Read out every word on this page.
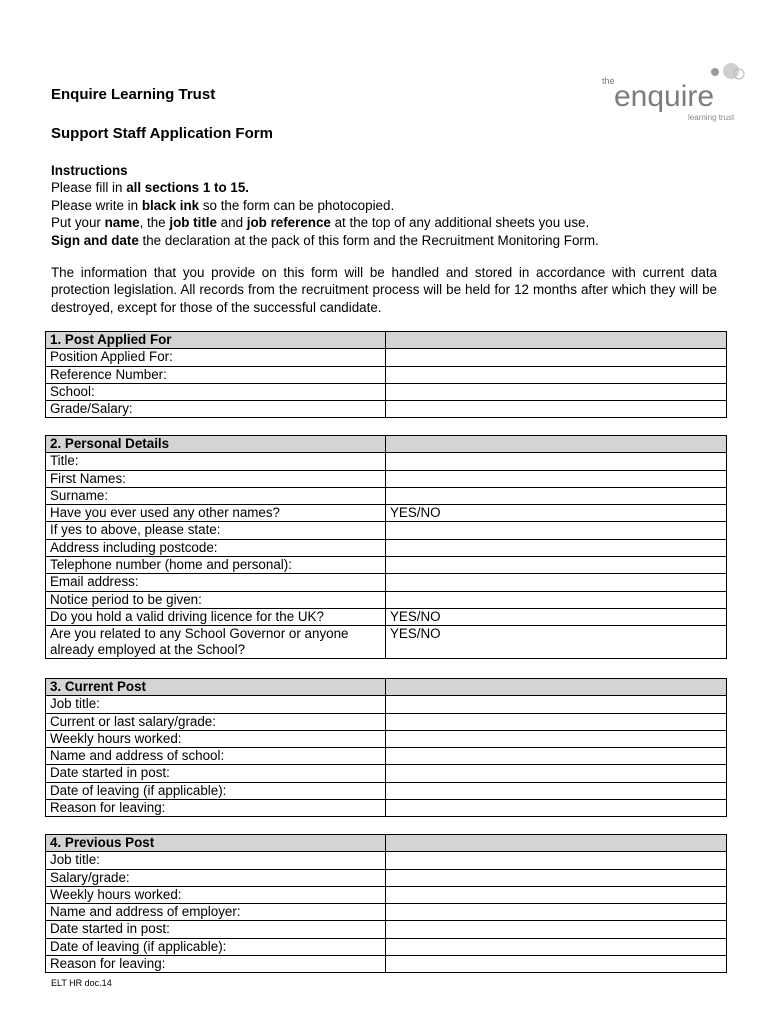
the enquire
learning trust
Enquire Learning Trust
Support Staff Application Form
Instructions
Please fill in all sections 1 to 15.
Please write in black ink so the form can be photocopied.
Put your name, the job title and job reference at the top of any additional sheets you use.
Sign and date the declaration at the pack of this form and the Recruitment Monitoring Form.
The information that you provide on this form will be handled and stored in accordance with current data protection legislation. All records from the recruitment process will be held for 12 months after which they will be destroyed, except for those of the successful candidate.
1. Post Applied For	
Position Applied For:	
Reference Number:	
School:	
Grade/Salary:	
2. Personal Details	
Title:	
First Names:	
Surname:	
Have you ever used any other names?	YES/NO
If yes to above, please state:	
Address including postcode:	
Telephone number (home and personal):	
Email address:	
Notice period to be given:	
Do you hold a valid driving licence for the UK?	YES/NO
Are you related to any School Governor or anyone already employed at the School?	YES/NO
3. Current Post	
Job title:	
Current or last salary/grade:	
Weekly hours worked:	
Name and address of school:	
Date started in post:	
Date of leaving (if applicable):	
Reason for leaving:	
4. Previous Post	
Job title:	
Salary/grade:	
Weekly hours worked:	
Name and address of employer:	
Date started in post:	
Date of leaving (if applicable):	
Reason for leaving:	
ELT HR doc.14
